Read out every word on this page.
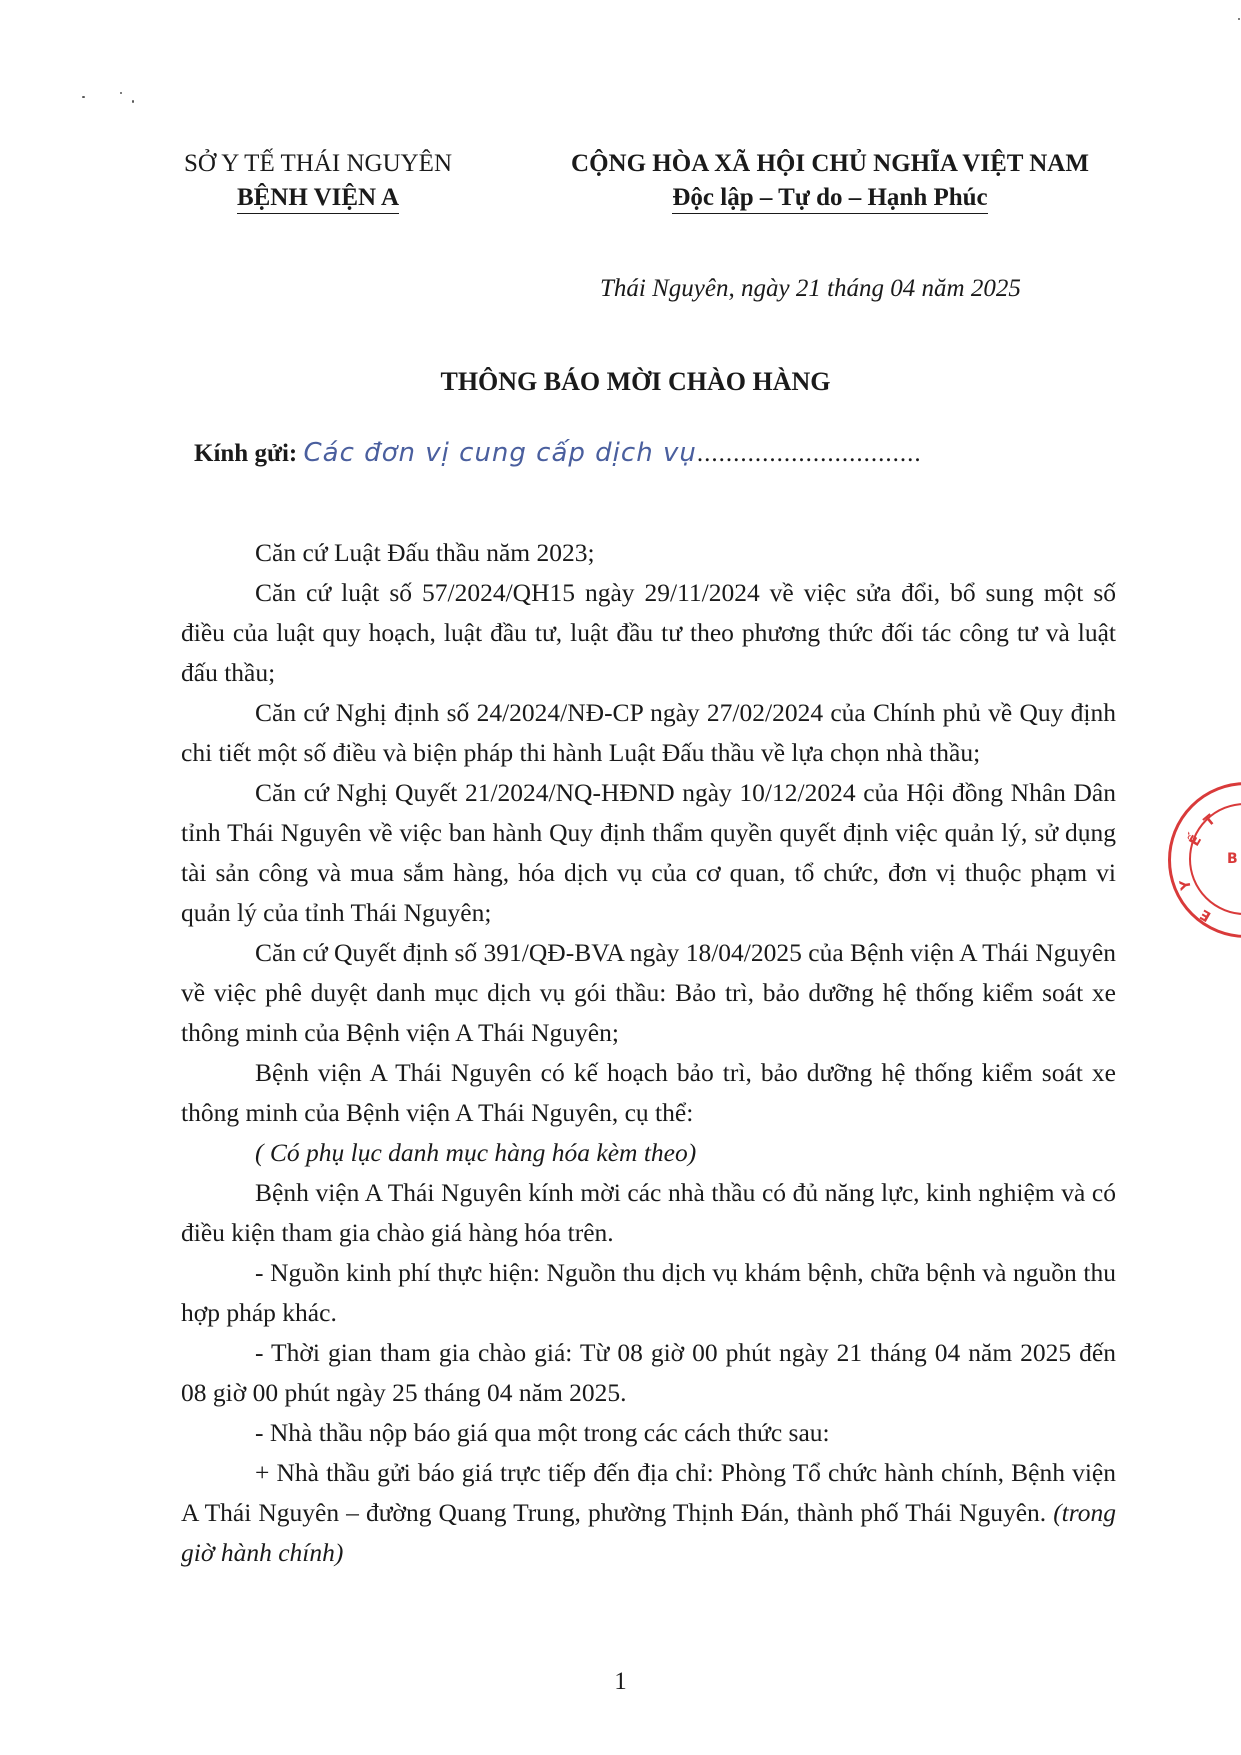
SỞ Y TẾ THÁI NGUYÊN
BỆNH VIỆN A
CỘNG HÒA XÃ HỘI CHỦ NGHĨA VIỆT NAM
Độc lập – Tự do – Hạnh Phúc
Thái Nguyên, ngày 21 tháng 04 năm 2025
THÔNG BÁO MỜI CHÀO HÀNG
Kính gửi: Các đơn vị cung cấp dịch vụ...............................

Căn cứ Luật Đấu thầu năm 2023;

Căn cứ luật số 57/2024/QH15 ngày 29/11/2024 về việc sửa đổi, bổ sung một số điều của luật quy hoạch, luật đầu tư, luật đầu tư theo phương thức đối tác công tư và luật đấu thầu;

Căn cứ Nghị định số 24/2024/NĐ-CP ngày 27/02/2024 của Chính phủ về Quy định chi tiết một số điều và biện pháp thi hành Luật Đấu thầu về lựa chọn nhà thầu;

Căn cứ Nghị Quyết 21/2024/NQ-HĐND ngày 10/12/2024 của Hội đồng Nhân Dân tỉnh Thái Nguyên về việc ban hành Quy định thẩm quyền quyết định việc quản lý, sử dụng tài sản công và mua sắm hàng, hóa dịch vụ của cơ quan, tổ chức, đơn vị thuộc phạm vi quản lý của tỉnh Thái Nguyên;

Căn cứ Quyết định số 391/QĐ-BVA ngày 18/04/2025 của Bệnh viện A Thái Nguyên về việc phê duyệt danh mục dịch vụ gói thầu: Bảo trì, bảo dưỡng hệ thống kiểm soát xe thông minh của Bệnh viện A Thái Nguyên;

Bệnh viện A Thái Nguyên có kế hoạch bảo trì, bảo dưỡng hệ thống kiểm soát xe thông minh của Bệnh viện A Thái Nguyên, cụ thể:

( Có phụ lục danh mục hàng hóa kèm theo)

Bệnh viện A Thái Nguyên kính mời các nhà thầu có đủ năng lực, kinh nghiệm và có điều kiện tham gia chào giá hàng hóa trên.

- Nguồn kinh phí thực hiện: Nguồn thu dịch vụ khám bệnh, chữa bệnh và nguồn thu hợp pháp khác.

- Thời gian tham gia chào giá: Từ 08 giờ 00 phút ngày 21 tháng 04 năm 2025 đến 08 giờ 00 phút ngày 25 tháng 04 năm 2025.

- Nhà thầu nộp báo giá qua một trong các cách thức sau:

+ Nhà thầu gửi báo giá trực tiếp đến địa chỉ: Phòng Tổ chức hành chính, Bệnh viện A Thái Nguyên – đường Quang Trung, phường Thịnh Đán, thành phố Thái Nguyên. (trong giờ hành chính)

T
Ế
Y
B
Ê
1
